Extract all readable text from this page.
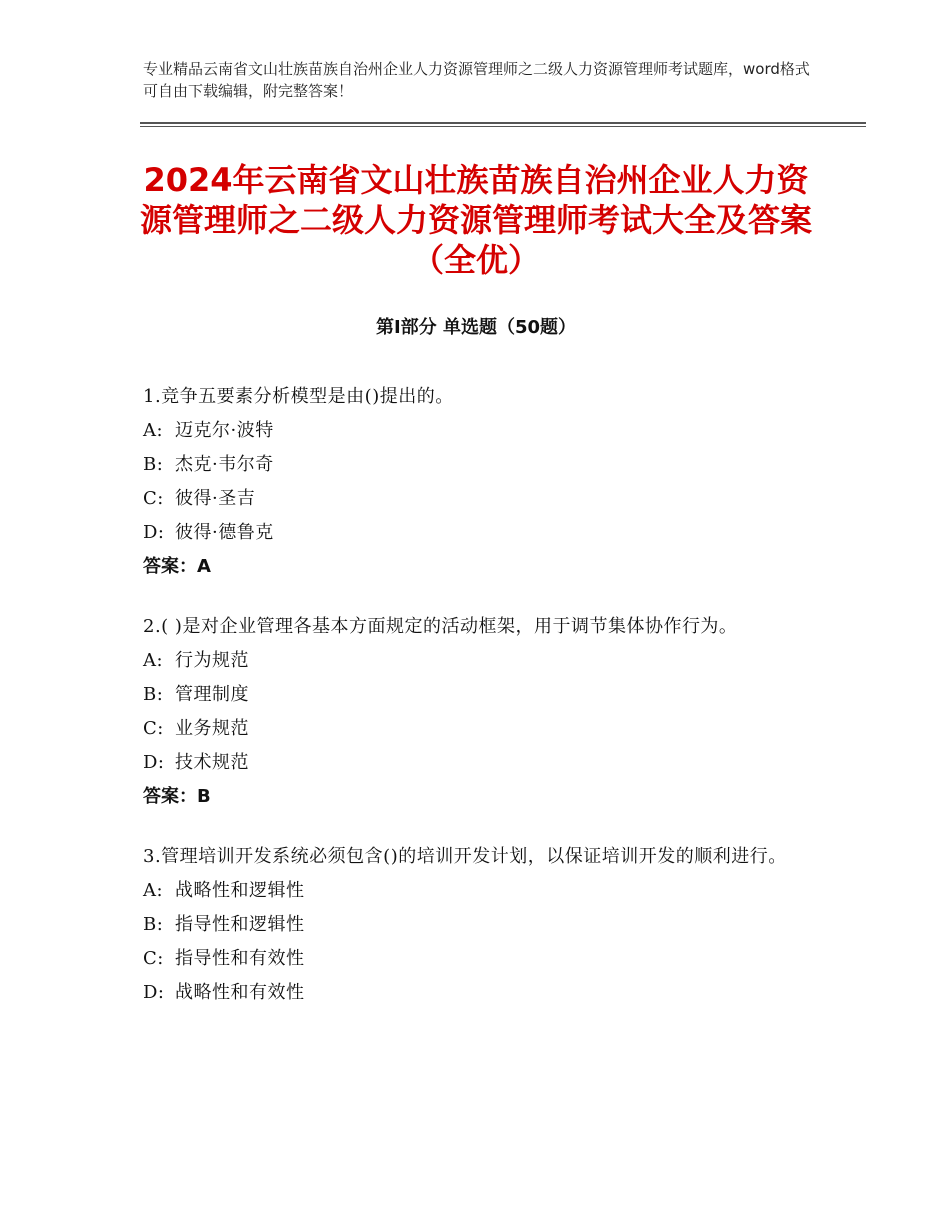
专业精品云南省文山壮族苗族自治州企业人力资源管理师之二级人力资源管理师考试题库，word格式可自由下载编辑，附完整答案！
2024年云南省文山壮族苗族自治州企业人力资源管理师之二级人力资源管理师考试大全及答案（全优）
第Ⅰ部分 单选题（50题）
1.竞争五要素分析模型是由()提出的。
A: 迈克尔·波特
B: 杰克·韦尔奇
C: 彼得·圣吉
D: 彼得·德鲁克
答案：A
2.( )是对企业管理各基本方面规定的活动框架，用于调节集体协作行为。
A: 行为规范
B: 管理制度
C: 业务规范
D: 技术规范
答案：B
3.管理培训开发系统必须包含()的培训开发计划，以保证培训开发的顺利进行。
A: 战略性和逻辑性
B: 指导性和逻辑性
C: 指导性和有效性
D: 战略性和有效性
